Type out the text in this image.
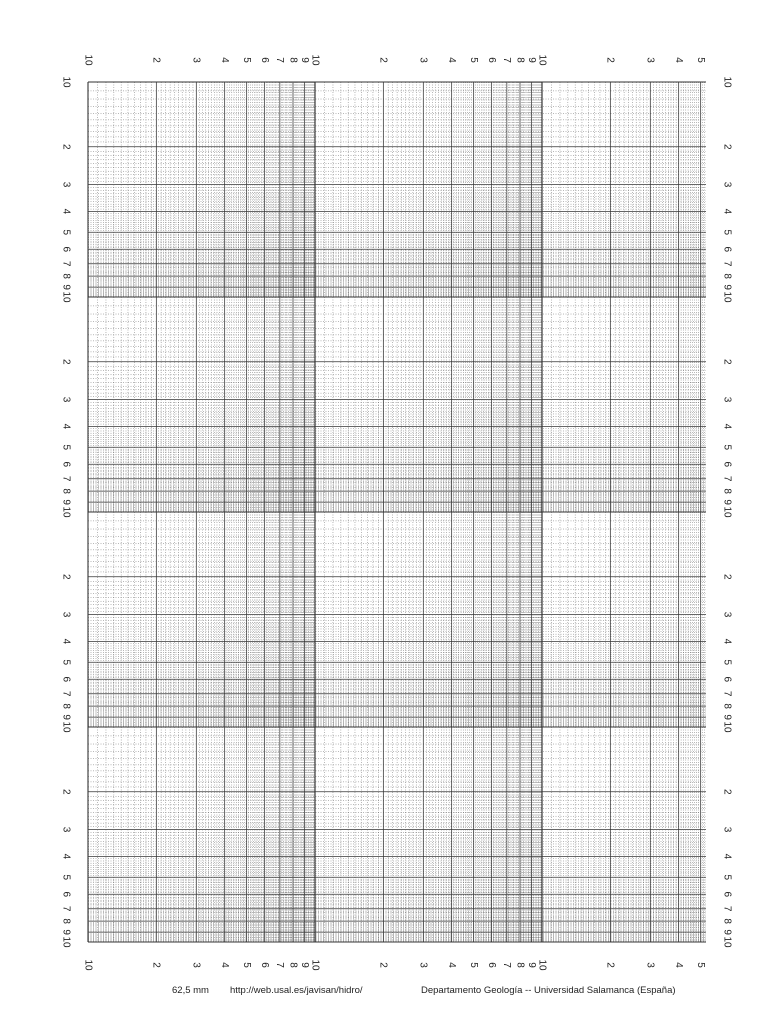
10
10
2
2
3
3
4
4
5
5
6
6
7
7
8
8
9
9
10
10
2
2
3
3
4
4
5
5
6
6
7
7
8
8
9
9
10
10
2
2
3
3
4
4
5
5
10	10
2	2
3	3
4	4
5	5
6	6
7	7
8	8
9	9
10	10
2	2
3	3
4	4
5	5
6	6
7	7
8	8
9	9
10	10
2	2
3	3
4	4
5	5
6	6
7	7
8	8
9	9
10	10
2	2
3	3
4	4
5	5
6	6
7	7
8	8
9	9
10	10
62,5 mm http://web.usal.es/javisan/hidro/	Departamento Geología -- Universidad Salamanca (España)
